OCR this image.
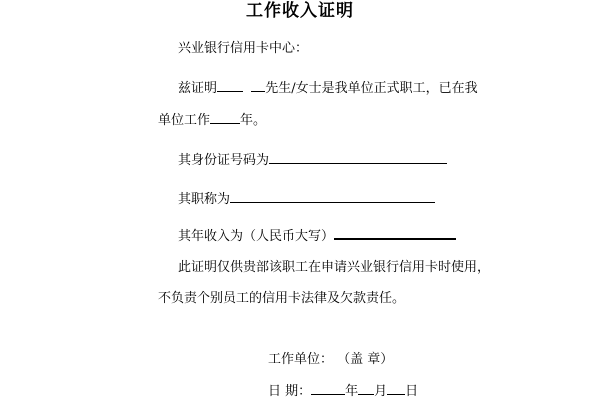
工作收入证明
兴业银行信用卡中心：
兹证明	先生/女士是我单位正式职工，已在我
单位工作 年。
其身份证号码为
其职称为
其年收入为（人民币大写）
此证明仅供贵部该职工在申请兴业银行信用卡时使用，
不负责个别员工的信用卡法律及欠款责任。
工作单位： （盖 章）
日 期：	年 月 日
